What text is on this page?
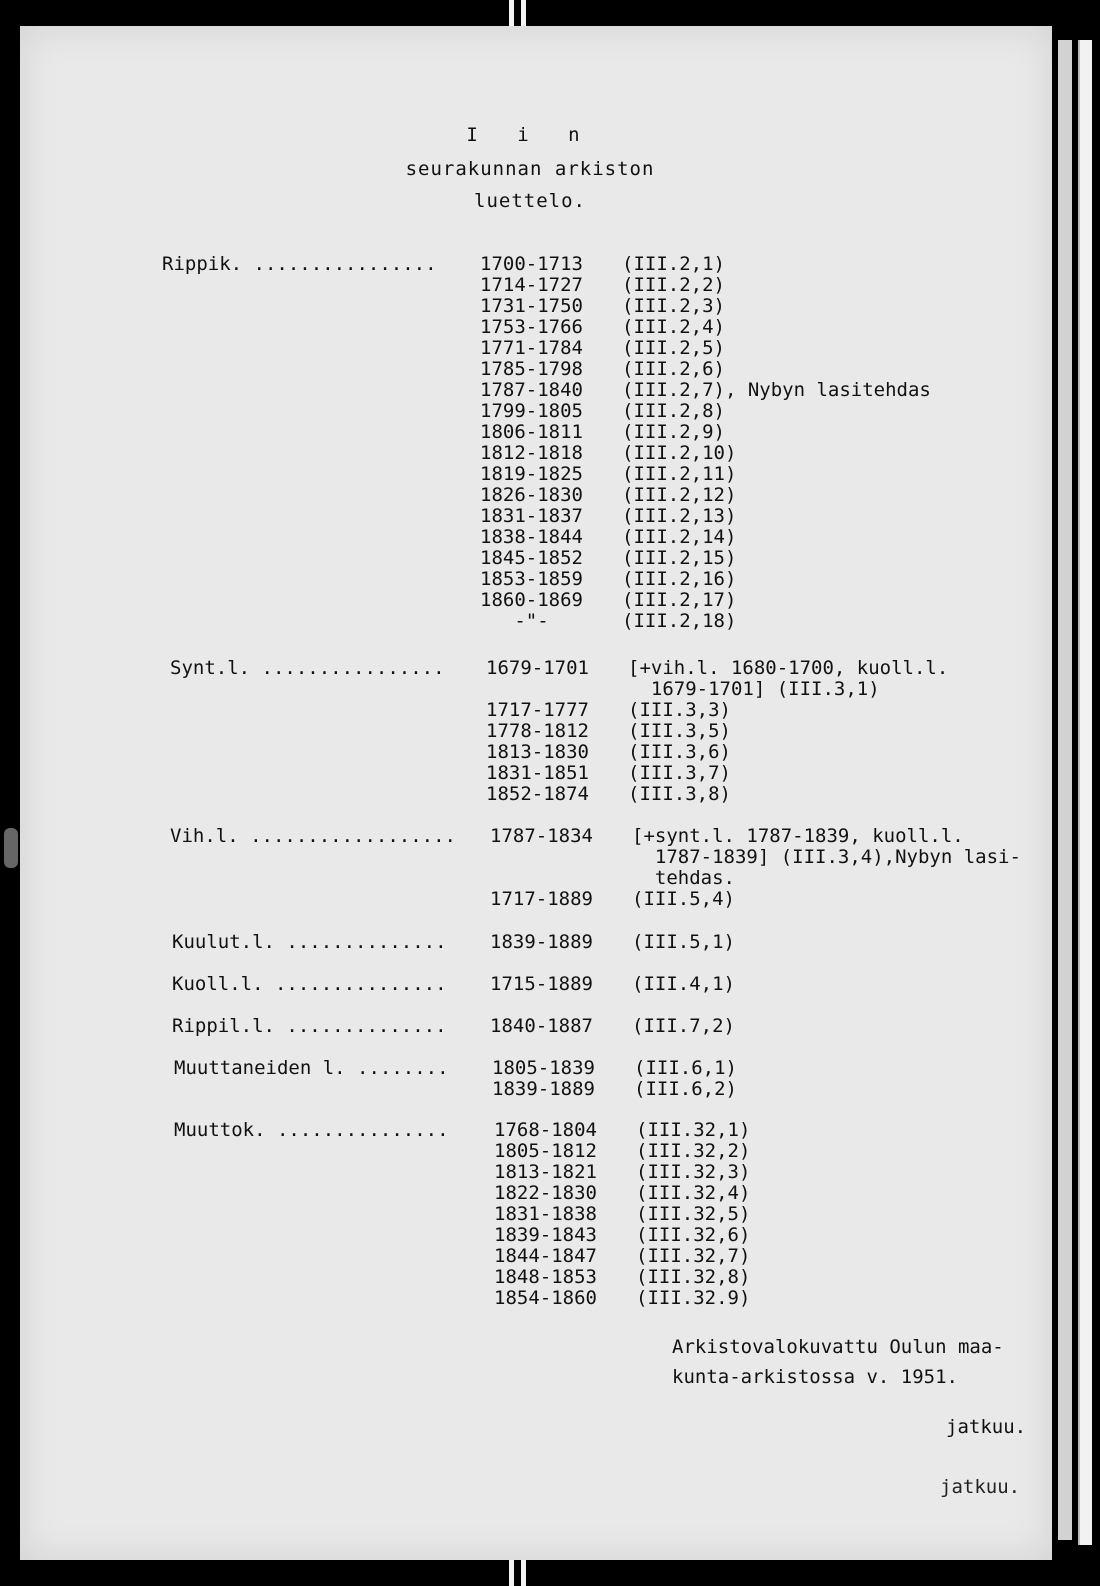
I i n
seurakunnan arkiston
luettelo.
Rippik. ................ 1700-1713 (III.2,1)
1714-1727 (III.2,2)
1731-1750 (III.2,3)
1753-1766 (III.2,4)
1771-1784 (III.2,5)
1785-1798 (III.2,6)
1787-1840 (III.2,7), Nybyn lasitehdas
1799-1805 (III.2,8)
1806-1811 (III.2,9)
1812-1818 (III.2,10)
1819-1825 (III.2,11)
1826-1830 (III.2,12)
1831-1837 (III.2,13)
1838-1844 (III.2,14)
1845-1852 (III.2,15)
1853-1859 (III.2,16)
1860-1869 (III.2,17)
-"-	(III.2,18)
Synt.l. ................ 1679-1701 [+vih.l. 1680-1700, kuoll.l.
1679-1701] (III.3,1)
1717-1777 (III.3,3)
1778-1812 (III.3,5)
1813-1830 (III.3,6)
1831-1851 (III.3,7)
1852-1874 (III.3,8)
Vih.l. .................. 1787-1834 [+synt.l. 1787-1839, kuoll.l.
1787-1839] (III.3,4),Nybyn lasi-
tehdas.
1717-1889 (III.5,4)
Kuulut.l. .............. 1839-1889 (III.5,1)
Kuoll.l. ............... 1715-1889 (III.4,1)
Rippil.l. .............. 1840-1887 (III.7,2)
Muuttaneiden l. ........ 1805-1839 (III.6,1)
1839-1889 (III.6,2)
Muuttok. ............... 1768-1804 (III.32,1)
1805-1812 (III.32,2)
1813-1821 (III.32,3)
1822-1830 (III.32,4)
1831-1838 (III.32,5)
1839-1843 (III.32,6)
1844-1847 (III.32,7)
1848-1853 (III.32,8)
1854-1860 (III.32.9)
Arkistovalokuvattu Oulun maa-
kunta-arkistossa v. 1951.
jatkuu.
jatkuu.
